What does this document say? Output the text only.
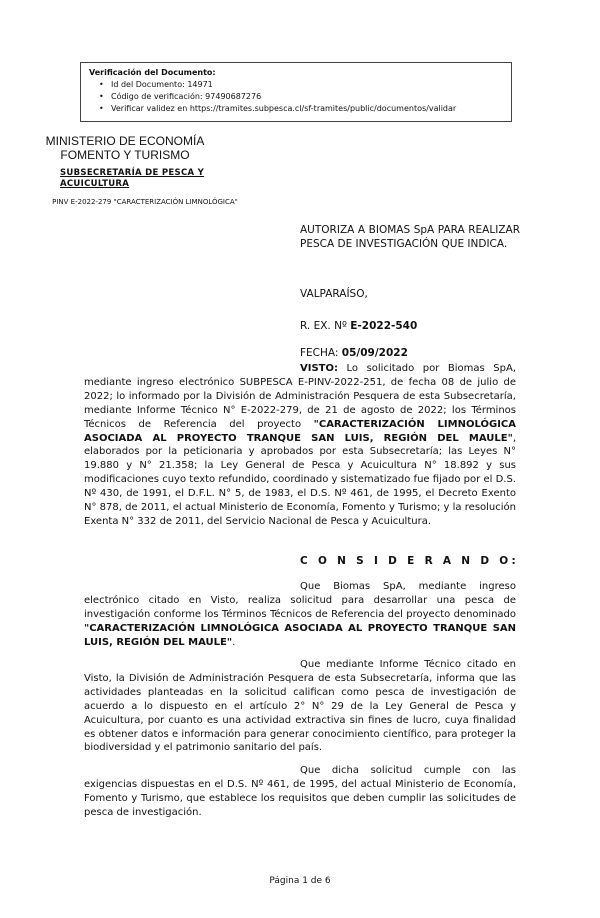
Verificación del Documento:
• Id del Documento: 14971
• Código de verificación: 97490687276
• Verificar validez en https://tramites.subpesca.cl/sf-tramites/public/documentos/validar
MINISTERIO DE ECONOMÍA
FOMENTO Y TURISMO
SUBSECRETARÍA DE PESCA Y ACUICULTURA
PINV E-2022-279 "CARACTERIZACIÓN LIMNOLÓGICA"
AUTORIZA A BIOMAS SpA PARA REALIZAR PESCA DE INVESTIGACIÓN QUE INDICA.
VALPARAÍSO,
R. EX. Nº E-2022-540
FECHA: 05/09/2022

VISTO: Lo solicitado por Biomas SpA, mediante ingreso electrónico SUBPESCA E-PINV-2022-251, de fecha 08 de julio de 2022; lo informado por la División de Administración Pesquera de esta Subsecretaría, mediante Informe Técnico N° E-2022-279, de 21 de agosto de 2022; los Términos Técnicos de Referencia del proyecto "CARACTERIZACIÓN LIMNOLÓGICA ASOCIADA AL PROYECTO TRANQUE SAN LUIS, REGIÓN DEL MAULE", elaborados por la peticionaria y aprobados por esta Subsecretaría; las Leyes N° 19.880 y N° 21.358; la Ley General de Pesca y Acuicultura N° 18.892 y sus modificaciones cuyo texto refundido, coordinado y sistematizado fue fijado por el D.S. Nº 430, de 1991, el D.F.L. N° 5, de 1983, el D.S. Nº 461, de 1995, el Decreto Exento N° 878, de 2011, el actual Ministerio de Economía, Fomento y Turismo; y la resolución Exenta N° 332 de 2011, del Servicio Nacional de Pesca y Acuicultura.

C O N S I D E R A N D O:

Que Biomas SpA, mediante ingreso electrónico citado en Visto, realiza solicitud para desarrollar una pesca de investigación conforme los Términos Técnicos de Referencia del proyecto denominado "CARACTERIZACIÓN LIMNOLÓGICA ASOCIADA AL PROYECTO TRANQUE SAN LUIS, REGIÓN DEL MAULE".

Que mediante Informe Técnico citado en Visto, la División de Administración Pesquera de esta Subsecretaría, informa que las actividades planteadas en la solicitud califican como pesca de investigación de acuerdo a lo dispuesto en el artículo 2° N° 29 de la Ley General de Pesca y Acuicultura, por cuanto es una actividad extractiva sin fines de lucro, cuya finalidad es obtener datos e información para generar conocimiento científico, para proteger la biodiversidad y el patrimonio sanitario del país.

Que dicha solicitud cumple con las exigencias dispuestas en el D.S. Nº 461, de 1995, del actual Ministerio de Economía, Fomento y Turismo, que establece los requisitos que deben cumplir las solicitudes de pesca de investigación.

Página 1 de 6
